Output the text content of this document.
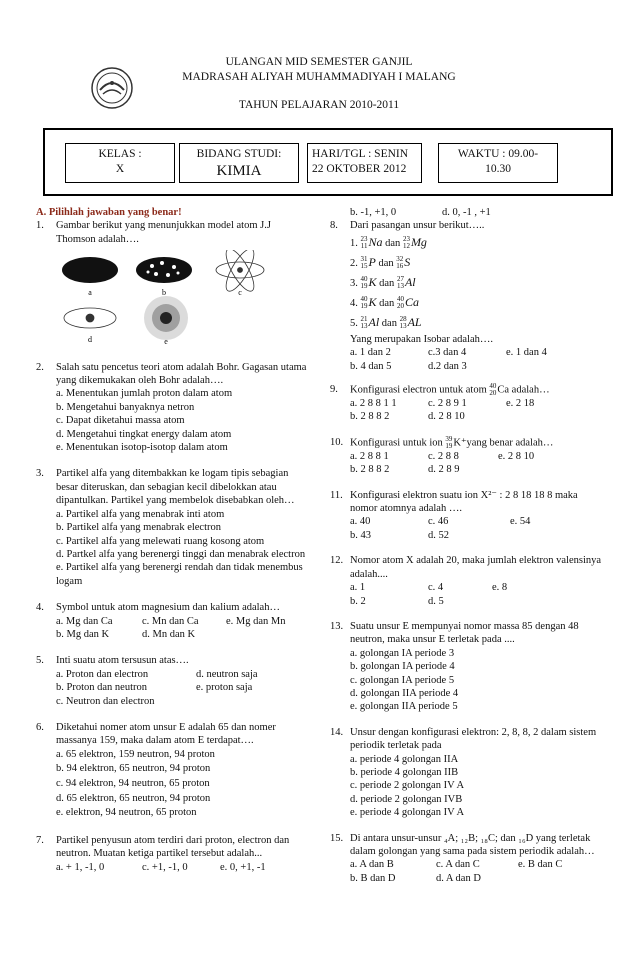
ULANGAN MID SEMESTER GANJIL
MADRASAH ALIYAH MUHAMMADIYAH I MALANG
TAHUN PELAJARAN 2010-2011
KELAS :
X
BIDANG STUDI:
KIMIA
HARI/TGL : SENIN
22 OKTOBER 2012
WAKTU : 09.00-
10.30

A. Pilihlah jawaban yang benar!

1. Gambar berikut yang menunjukkan model atom J.J Thomson adalah….
a	b	c
d	e
2. Salah satu pencetus teori atom adalah Bohr. Gagasan utama yang dikemukakan oleh Bohr adalah….

a. Menentukan jumlah proton dalam atom

b. Mengetahui banyaknya netron

c. Dapat diketahui massa atom

d. Mengetahui tingkat energy dalam atom

e. Menentukan isotop-isotop dalam atom

3. Partikel alfa yang ditembakkan ke logam tipis sebagian besar diteruskan, dan sebagian kecil dibelokkan atau dipantulkan. Partikel yang membelok disebabkan oleh…

a. Partikel alfa yang menabrak inti atom

b. Partikel alfa yang menabrak electron

c. Partikel alfa yang melewati ruang kosong atom

d. Partkel alfa yang berenergi tinggi dan menabrak electron

e. Partikel alfa yang berenergi rendah dan tidak menembus logam

4. Symbol untuk atom magnesium dan kalium adalah…

a. Mg dan Ca	c. Mn dan Ca	e. Mg dan Mn

b. Mg dan K	d. Mn dan K

5. Inti suatu atom tersusun atas….

a. Proton dan electron	d. neutron saja

b. Proton dan neutron	e. proton saja

c. Neutron dan electron

6. Diketahui nomer atom unsur E adalah 65 dan nomer massanya 159, maka dalam atom E terdapat….

a. 65 elektron, 159 neutron, 94 proton

b. 94 elektron, 65 neutron, 94 proton

c. 94 elektron, 94 neutron, 65 proton

d. 65 elektron, 65 neutron, 94 proton

e. elektron, 94 neutron, 65 proton

7. Partikel penyusun atom terdiri dari proton, electron dan neutron. Muatan ketiga partikel tersebut adalah...

a. + 1, -1, 0	c. +1, -1, 0	e. 0, +1, -1

b. -1, +1, 0	d. 0, -1 , +1

8. Dari pasangan unsur berikut…..
1. 23
11Na dan 23
12Mg
2. 31
15P dan 32
16S
3. 40
19K dan 27
13Al
4. 40
19K dan 40
20Ca
5. 21
13Al dan 28
13AL

Yang merupakan Isobar adalah….

a. 1 dan 2	c.3 dan 4	e. 1 dan 4

b. 4 dan 5	d.2 dan 3

9. Konfigurasi electron untuk atom 40
20Ca adalah…

a. 2 8 8 1 1	c. 2 8 9 1	e. 2 18

b. 2 8 8 2	d. 2 8 10

10. Konfigurasi untuk ion 39
19K⁺yang benar adalah…

a. 2 8 8 1	c. 2 8 8	e. 2 8 10

b. 2 8 8 2	d. 2 8 9

11. Konfigurasi elektron suatu ion X²⁻ : 2 8 18 18 8 maka nomor atomnya adalah ….

a. 40	c. 46	e. 54

b. 43	d. 52

12. Nomor atom X adalah 20, maka jumlah elektron valensinya adalah....

a. 1	c. 4	e. 8

b. 2	d. 5

13. Suatu unsur E mempunyai nomor massa 85 dengan 48 neutron, maka unsur E terletak pada ....

a. golongan IA periode 3

b. golongan IA periode 4

c. golongan IA periode 5

d. golongan IIA periode 4

e. golongan IIA periode 5

14. Unsur dengan konfigurasi elektron: 2, 8, 8, 2 dalam sistem periodik terletak pada

a. periode 4 golongan IIA

b. periode 4 golongan IIB

c. periode 2 golongan IV A

d. periode 2 golongan IVB

e. periode 4 golongan IV A

15. Di antara unsur-unsur ₄A; ₁₂B; ₁₈C; dan ₁₆D yang terletak dalam golongan yang sama pada sistem periodik adalah…

a. A dan B	c. A dan C	e. B dan C

b. B dan D	d. A dan D
